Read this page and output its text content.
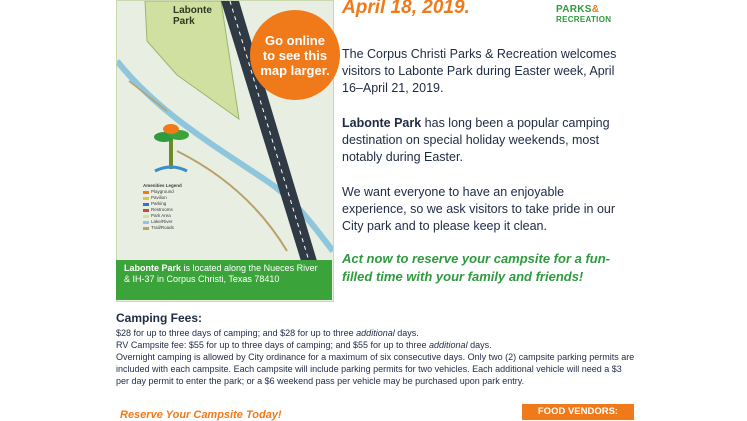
Labonte Park
Amenities Legend
Playground
Pavilion
Parking
Restrooms
Park Area
Lake/River
Trail/Roads
Go online to see this map larger.
Labonte Park is located along the Nueces River & IH-37 in Corpus Christi, Texas 78410
April 18, 2019.	PARKS&
RECREATION
The Corpus Christi Parks & Recreation welcomes visitors to Labonte Park during Easter week, April 16–April 21, 2019.
Labonte Park has long been a popular camping destination on special holiday weekends, most notably during Easter.
We want everyone to have an enjoyable experience, so we ask visitors to take pride in our City park and to please keep it clean.
Act now to reserve your campsite for a fun-filled time with your family and friends!
Camping Fees:
$28 for up to three days of camping; and $28 for up to three additional days.
RV Campsite fee: $55 for up to three days of camping; and $55 for up to three additional days.
Overnight camping is allowed by City ordinance for a maximum of six consecutive days. Only two (2) campsite parking permits are included with each campsite. Each campsite will include parking permits for two vehicles. Each additional vehicle will need a $3 per day permit to enter the park; or a $6 weekend pass per vehicle may be purchased upon park entry.
Reserve Your Campsite Today!	FOOD VENDORS:
